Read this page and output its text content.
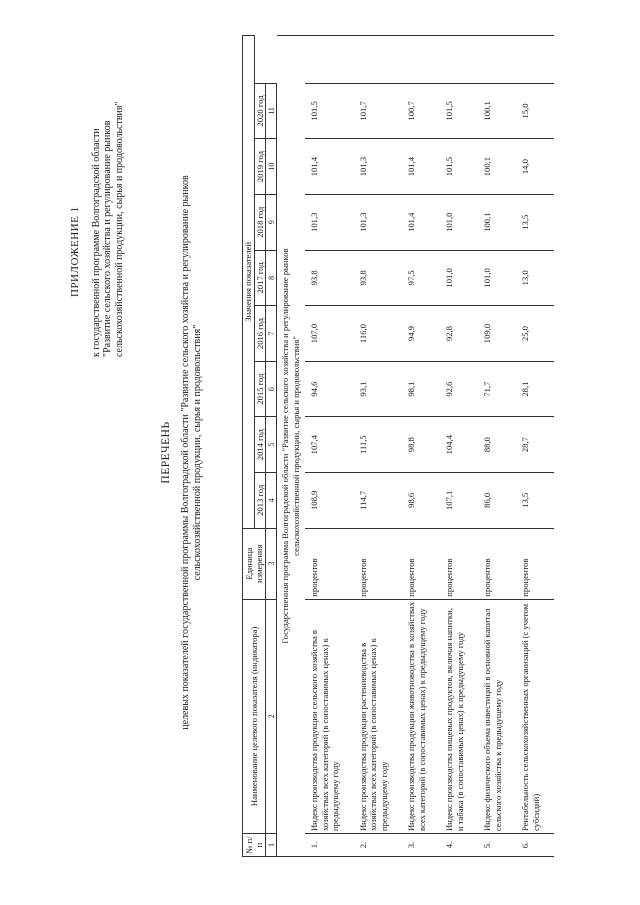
ПРИЛОЖЕНИЕ 1 к государственной программе Волгоградской области "Развитие сельского хозяйства и регулирование рынков сельскохозяйственной продукции, сырья и продовольствия"
ПЕРЕЧЕНЬ целевых показателей государственной программы Волгоградской области "Развитие сельского хозяйства и регулирование рынков сельскохозяйственной продукции, сырья и продовольствия"
№ п/п	Наименование целевого показателя (индикатора)	Единица измерения	Значения показателей								
			2013 год	2014 год	2015 год	2016 год	2017 год	2018 год	2019 год	2020 год	
1	2	3	4	5	6	7	8	9	10	11	

Государственная программа Волгоградской области "Развитие сельского хозяйства и регулирование рынков сельскохозяйственной продукции, сырья и продовольствия"											

1.	Индекс производства продукции сельского хозяйства в хозяйствах всех категорий (в сопоставимых ценах) к предыдущему году	процентов	108,9	107,4	94,6	107,0	93,8	101,3	101,4	101,5	
2.	Индекс производства продукции растениеводства в хозяйствах всех категорий (в сопоставимых ценах) к предыдущему году	процентов	114,7	111,5	93,1	116,0	93,8	101,3	101,3	101,7	
3.	Индекс производства продукции животноводства в хозяйствах всех категорий (в сопоставимых ценах) к предыдущему году	процентов	98,6	98,8	98,1	94,9	97,5	101,4	101,4	100,7	
4.	Индекс производства пищевых продуктов, включая напитки, и табака (в сопоставимых ценах) к предыдущему году	процентов	107,1	104,4	92,6	92,8	101,0	101,0	101,5	101,5	
5.	Индекс физического объема инвестиций в основной капитал сельского хозяйства к предыдущему году	процентов	86,0	88,0	71,7	109,0	101,0	100,1	100,1	100,1	
6.	Рентабельность сельскохозяйственных организаций (с учетом субсидий)	процентов	13,5	28,7	28,1	25,0	13,0	13,5	14,0	15,0	
